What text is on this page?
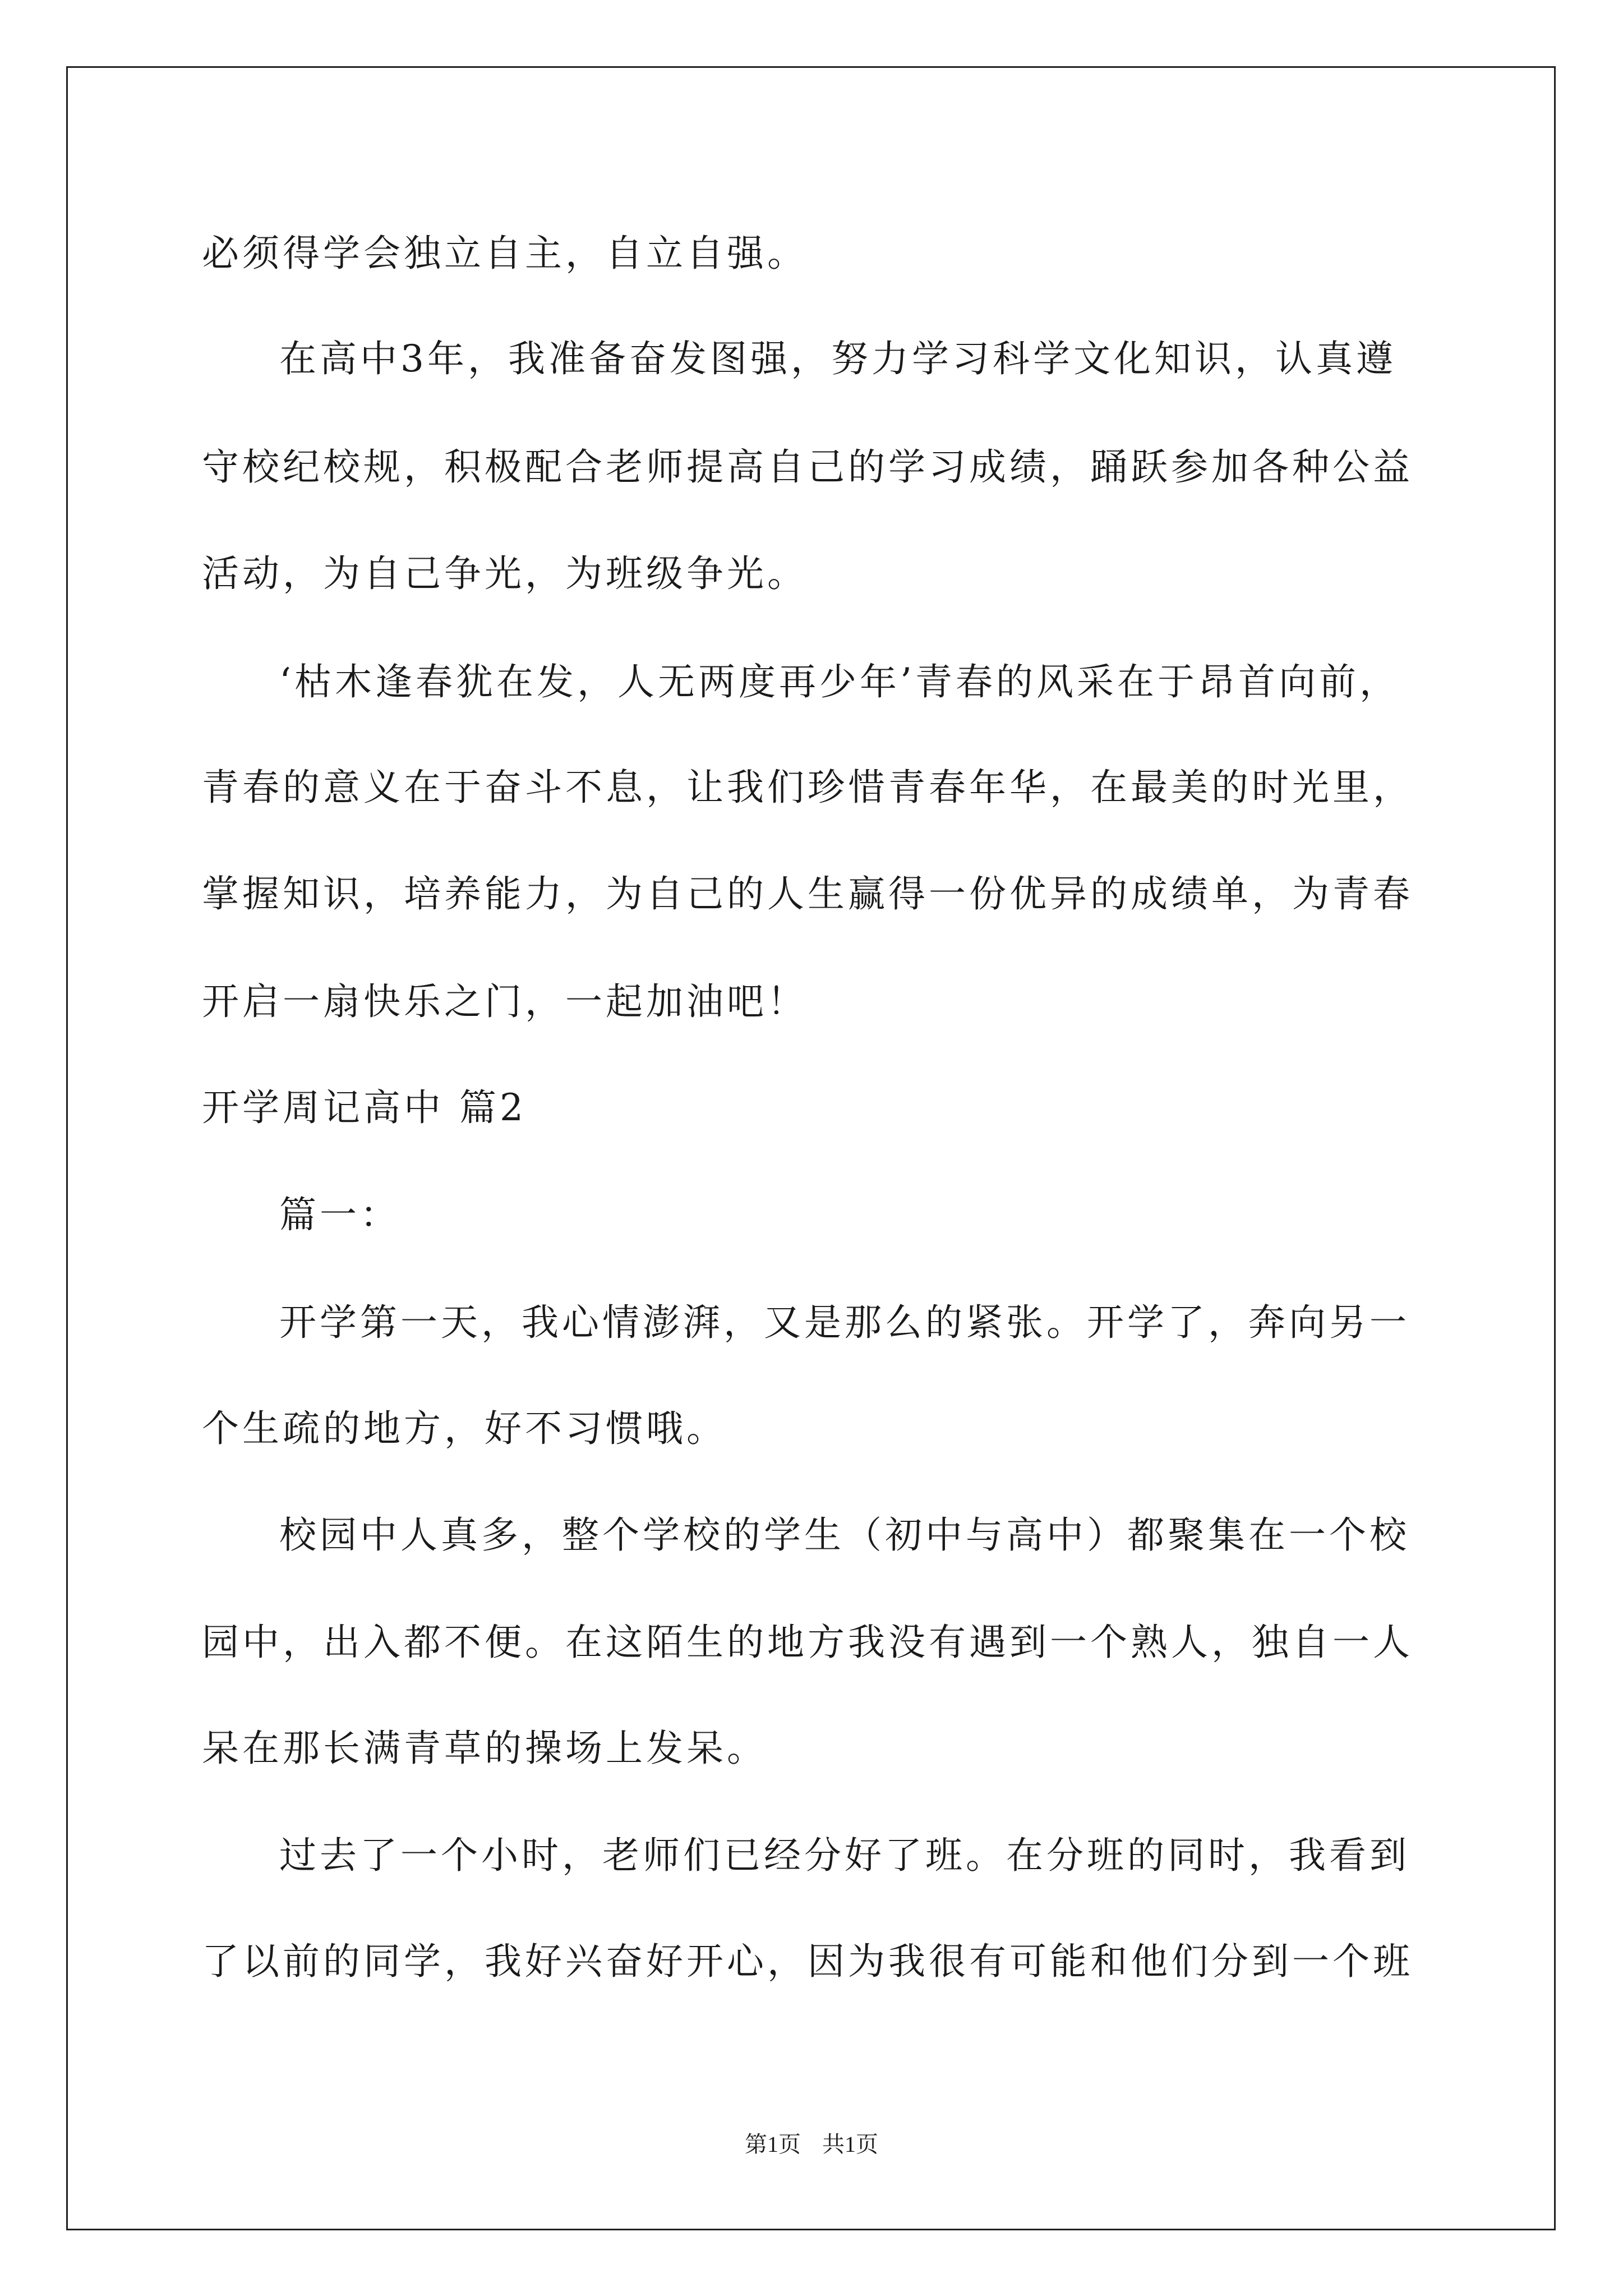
必须得学会独立自主，自立自强。
在高中3年，我准备奋发图强，努力学习科学文化知识，认真遵
守校纪校规，积极配合老师提高自己的学习成绩，踊跃参加各种公益
活动，为自己争光，为班级争光。
‘枯木逢春犹在发，人无两度再少年’青春的风采在于昂首向前，
青春的意义在于奋斗不息，让我们珍惜青春年华，在最美的时光里，
掌握知识，培养能力，为自己的人生赢得一份优异的成绩单，为青春
开启一扇快乐之门，一起加油吧！
开学周记高中 篇2
篇一：
开学第一天，我心情澎湃，又是那么的紧张。开学了，奔向另一
个生疏的地方，好不习惯哦。
校园中人真多，整个学校的学生（初中与高中）都聚集在一个校
园中，出入都不便。在这陌生的地方我没有遇到一个熟人，独自一人
呆在那长满青草的操场上发呆。
过去了一个小时，老师们已经分好了班。在分班的同时，我看到
了以前的同学，我好兴奋好开心，因为我很有可能和他们分到一个班
第1页 共1页
